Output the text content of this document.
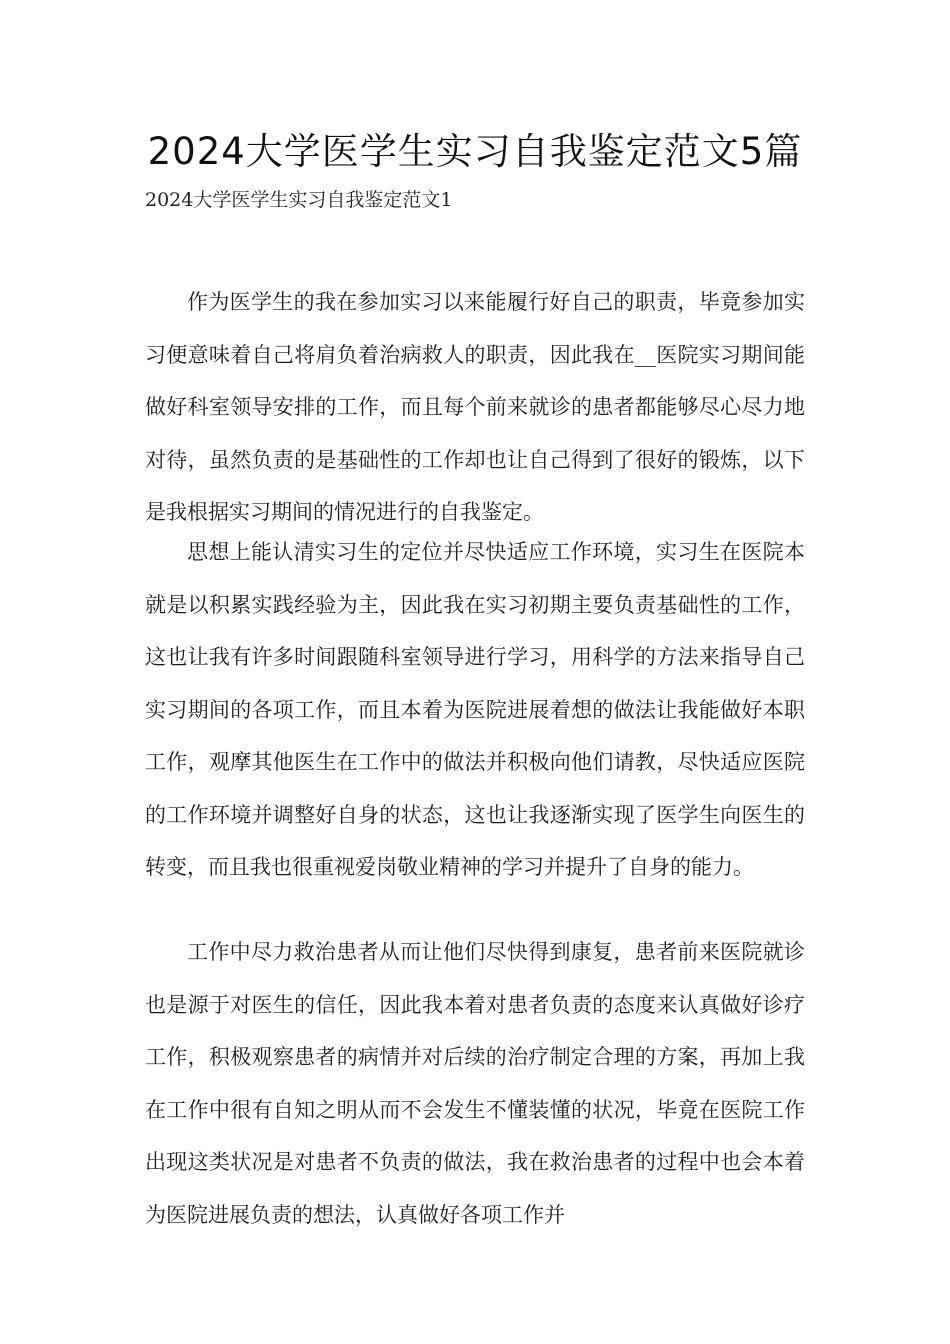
2024大学医学生实习自我鉴定范文5篇
2024大学医学生实习自我鉴定范文1

作为医学生的我在参加实习以来能履行好自己的职责，毕竟参加实习便意味着自己将肩负着治病救人的职责，因此我在__医院实习期间能做好科室领导安排的工作，而且每个前来就诊的患者都能够尽心尽力地对待，虽然负责的是基础性的工作却也让自己得到了很好的锻炼，以下是我根据实习期间的情况进行的自我鉴定。

思想上能认清实习生的定位并尽快适应工作环境，实习生在医院本就是以积累实践经验为主，因此我在实习初期主要负责基础性的工作，这也让我有许多时间跟随科室领导进行学习，用科学的方法来指导自己实习期间的各项工作，而且本着为医院进展着想的做法让我能做好本职工作，观摩其他医生在工作中的做法并积极向他们请教，尽快适应医院的工作环境并调整好自身的状态，这也让我逐渐实现了医学生向医生的转变，而且我也很重视爱岗敬业精神的学习并提升了自身的能力。

工作中尽力救治患者从而让他们尽快得到康复，患者前来医院就诊也是源于对医生的信任，因此我本着对患者负责的态度来认真做好诊疗工作，积极观察患者的病情并对后续的治疗制定合理的方案，再加上我在工作中很有自知之明从而不会发生不懂装懂的状况，毕竟在医院工作出现这类状况是对患者不负责的做法，我在救治患者的过程中也会本着为医院进展负责的想法，认真做好各项工作并
